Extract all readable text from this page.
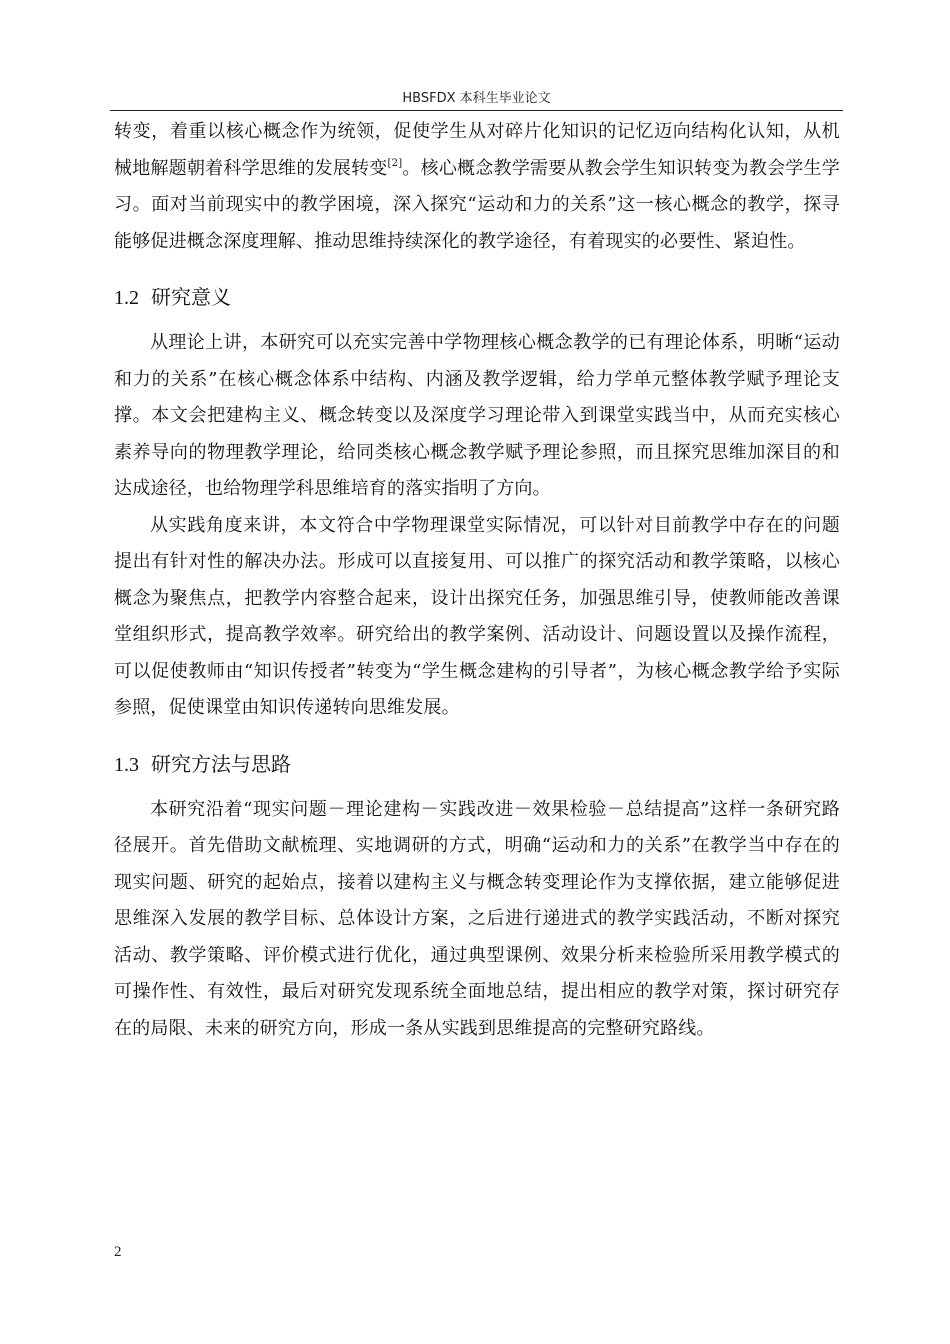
HBSFDX 本科生毕业论文

转变，着重以核心概念作为统领，促使学生从对碎片化知识的记忆迈向结构化认知，从机械地解题朝着科学思维的发展转变[2]。核心概念教学需要从教会学生知识转变为教会学生学习。面对当前现实中的教学困境，深入探究“运动和力的关系”这一核心概念的教学，探寻能够促进概念深度理解、推动思维持续深化的教学途径，有着现实的必要性、紧迫性。

1.2 研究意义

从理论上讲，本研究可以充实完善中学物理核心概念教学的已有理论体系，明晰“运动和力的关系”在核心概念体系中结构、内涵及教学逻辑，给力学单元整体教学赋予理论支撑。本文会把建构主义、概念转变以及深度学习理论带入到课堂实践当中，从而充实核心素养导向的物理教学理论，给同类核心概念教学赋予理论参照，而且探究思维加深目的和达成途径，也给物理学科思维培育的落实指明了方向。

从实践角度来讲，本文符合中学物理课堂实际情况，可以针对目前教学中存在的问题提出有针对性的解决办法。形成可以直接复用、可以推广的探究活动和教学策略，以核心概念为聚焦点，把教学内容整合起来，设计出探究任务，加强思维引导，使教师能改善课堂组织形式，提高教学效率。研究给出的教学案例、活动设计、问题设置以及操作流程，可以促使教师由“知识传授者”转变为“学生概念建构的引导者”，为核心概念教学给予实际参照，促使课堂由知识传递转向思维发展。

1.3 研究方法与思路

本研究沿着“现实问题－理论建构－实践改进－效果检验－总结提高”这样一条研究路径展开。首先借助文献梳理、实地调研的方式，明确“运动和力的关系”在教学当中存在的现实问题、研究的起始点，接着以建构主义与概念转变理论作为支撑依据，建立能够促进思维深入发展的教学目标、总体设计方案，之后进行递进式的教学实践活动，不断对探究活动、教学策略、评价模式进行优化，通过典型课例、效果分析来检验所采用教学模式的可操作性、有效性，最后对研究发现系统全面地总结，提出相应的教学对策，探讨研究存在的局限、未来的研究方向，形成一条从实践到思维提高的完整研究路线。

2
